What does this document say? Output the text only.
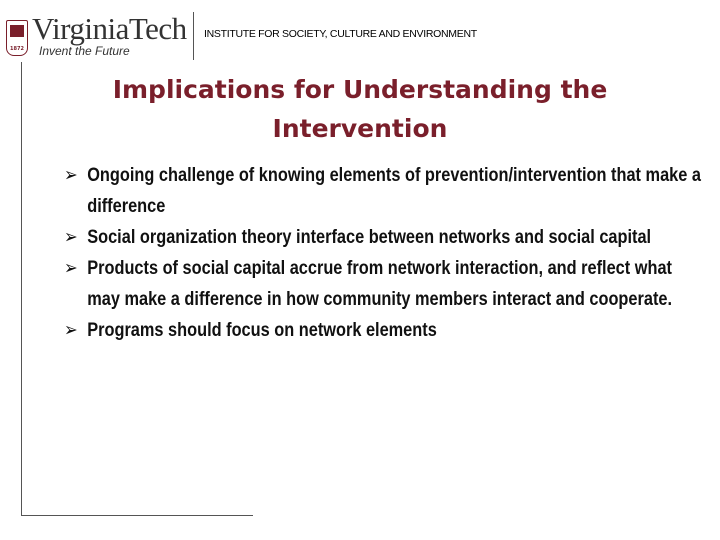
1872
VirginiaTech
Invent the Future
INSTITUTE FOR SOCIETY, CULTURE AND ENVIRONMENT
Implications for Understanding the Intervention
➢ Ongoing challenge of knowing elements of prevention/intervention that make a difference
➢ Social organization theory interface between networks and social capital
➢ Products of social capital accrue from network interaction, and reflect what may make a difference in how community members interact and cooperate.
➢ Programs should focus on network elements
